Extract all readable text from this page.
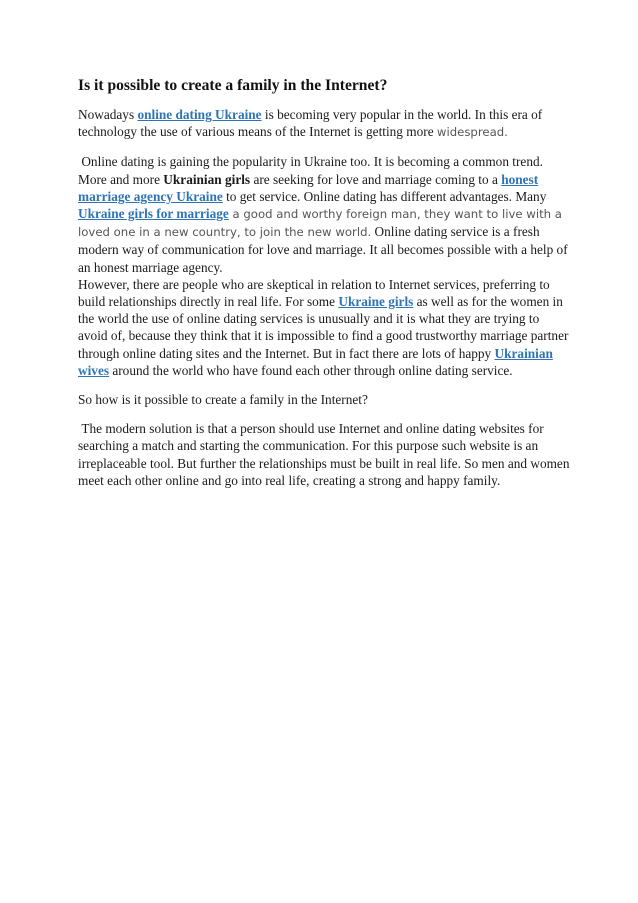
Is it possible to create a family in the Internet?

Nowadays online dating Ukraine is becoming very popular in the world. In this era of technology the use of various means of the Internet is getting more widespread.

Online dating is gaining the popularity in Ukraine too. It is becoming a common trend. More and more Ukrainian girls are seeking for love and marriage coming to a honest marriage agency Ukraine to get service. Online dating has different advantages. Many Ukraine girls for marriage a good and worthy foreign man, they want to live with a loved one in a new country, to join the new world. Online dating service is a fresh modern way of communication for love and marriage. It all becomes possible with a help of an honest marriage agency.

However, there are people who are skeptical in relation to Internet services, preferring to build relationships directly in real life. For some Ukraine girls as well as for the women in the world the use of online dating services is unusually and it is what they are trying to avoid of, because they think that it is impossible to find a good trustworthy marriage partner through online dating sites and the Internet. But in fact there are lots of happy Ukrainian wives around the world who have found each other through online dating service.

So how is it possible to create a family in the Internet?

The modern solution is that a person should use Internet and online dating websites for searching a match and starting the communication. For this purpose such website is an irreplaceable tool. But further the relationships must be built in real life. So men and women meet each other online and go into real life, creating a strong and happy family.
